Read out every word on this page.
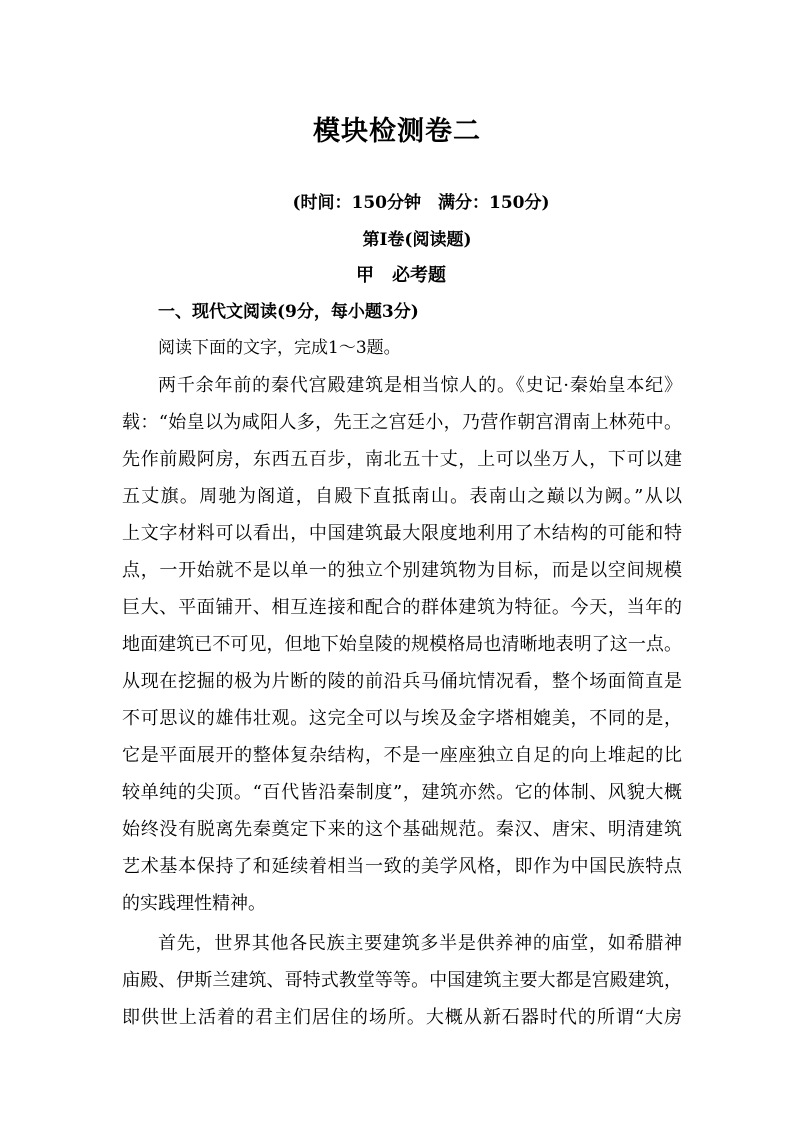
模块检测卷二
(时间：150分钟　满分：150分)
第Ⅰ卷(阅读题)
甲　必考题
一、现代文阅读(9分，每小题3分)
阅读下面的文字，完成1～3题。

两千余年前的秦代宫殿建筑是相当惊人的。《史记·秦始皇本纪》
载：“始皇以为咸阳人多，先王之宫廷小，乃营作朝宫渭南上林苑中。
先作前殿阿房，东西五百步，南北五十丈，上可以坐万人，下可以建
五丈旗。周驰为阁道，自殿下直抵南山。表南山之巅以为阙。”从以
上文字材料可以看出，中国建筑最大限度地利用了木结构的可能和特
点，一开始就不是以单一的独立个别建筑物为目标，而是以空间规模
巨大、平面铺开、相互连接和配合的群体建筑为特征。今天，当年的
地面建筑已不可见，但地下始皇陵的规模格局也清晰地表明了这一点。
从现在挖掘的极为片断的陵的前沿兵马俑坑情况看，整个场面简直是
不可思议的雄伟壮观。这完全可以与埃及金字塔相媲美，不同的是，
它是平面展开的整体复杂结构，不是一座座独立自足的向上堆起的比
较单纯的尖顶。“百代皆沿秦制度”，建筑亦然。它的体制、风貌大概
始终没有脱离先秦奠定下来的这个基础规范。秦汉、唐宋、明清建筑
艺术基本保持了和延续着相当一致的美学风格，即作为中国民族特点
的实践理性精神。

首先，世界其他各民族主要建筑多半是供养神的庙堂，如希腊神
庙殿、伊斯兰建筑、哥特式教堂等等。中国建筑主要大都是宫殿建筑，
即供世上活着的君主们居住的场所。大概从新石器时代的所谓“大房
